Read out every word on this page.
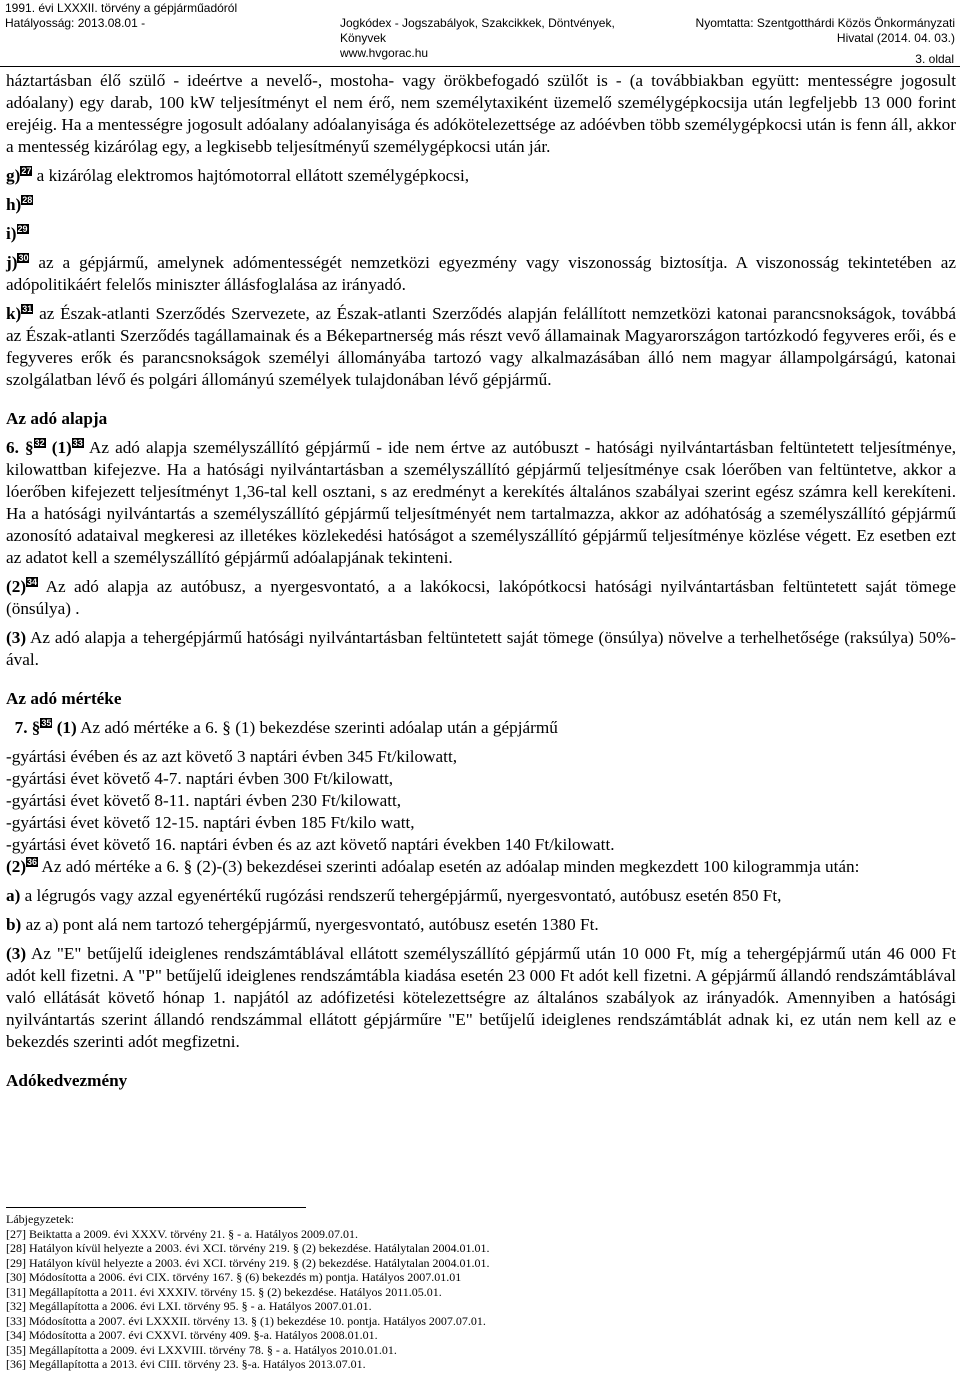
1991. évi LXXXII. törvény a gépjárműadóról
Hatályosság: 2013.08.01 -	Jogkódex - Jogszabályok, Szakcikkek, Döntvények,
Könyvek
www.hvgorac.hu
Nyomtatta: Szentgotthárdi Közös Önkormányzati
Hivatal (2014. 04. 03.)
3. oldal

háztartásban élő szülő - ideértve a nevelő-, mostoha- vagy örökbefogadó szülőt is - (a továbbiakban együtt: mentességre jogosult adóalany) egy darab, 100 kW teljesítményt el nem érő, nem személytaxiként üzemelő személygépkocsija után legfeljebb 13 000 forint erejéig. Ha a mentességre jogosult adóalany adóalanyisága és adókötelezettsége az adóévben több személygépkocsi után is fenn áll, akkor a mentesség kizárólag egy, a legkisebb teljesítményű személygépkocsi után jár.

g)27 a kizárólag elektromos hajtómotorral ellátott személygépkocsi,

h)28

i)29

j)30 az a gépjármű, amelynek adómentességét nemzetközi egyezmény vagy viszonosság biztosítja. A viszonosság tekintetében az adópolitikáért felelős miniszter állásfoglalása az irányadó.

k)31 az Észak-atlanti Szerződés Szervezete, az Észak-atlanti Szerződés alapján felállított nemzetközi katonai parancsnokságok, továbbá az Észak-atlanti Szerződés tagállamainak és a Békepartnerség más részt vevő államainak Magyarországon tartózkodó fegyveres erői, és e fegyveres erők és parancsnokságok személyi állományába tartozó vagy alkalmazásában álló nem magyar állampolgárságú, katonai szolgálatban lévő és polgári állományú személyek tulajdonában lévő gépjármű.

Az adó alapja

6. §32 (1)33 Az adó alapja személyszállító gépjármű - ide nem értve az autóbuszt - hatósági nyilvántartásban feltüntetett teljesítménye, kilowattban kifejezve. Ha a hatósági nyilvántartásban a személyszállító gépjármű teljesítménye csak lóerőben van feltüntetve, akkor a lóerőben kifejezett teljesítményt 1,36-tal kell osztani, s az eredményt a kerekítés általános szabályai szerint egész számra kell kerekíteni. Ha a hatósági nyilvántartás a személyszállító gépjármű teljesítményét nem tartalmazza, akkor az adóhatóság a személyszállító gépjármű azonosító adataival megkeresi az illetékes közlekedési hatóságot a személyszállító gépjármű teljesítménye közlése végett. Ez esetben ezt az adatot kell a személyszállító gépjármű adóalapjának tekinteni.

(2)34 Az adó alapja az autóbusz, a nyergesvontató, a a lakókocsi, lakópótkocsi hatósági nyilvántartásban feltüntetett saját tömege (önsúlya) .

(3) Az adó alapja a tehergépjármű hatósági nyilvántartásban feltüntetett saját tömege (önsúlya) növelve a terhelhetősége (raksúlya) 50%-ával.

Az adó mértéke

7. §35 (1) Az adó mértéke a 6. § (1) bekezdése szerinti adóalap után a gépjármű

-gyártási évében és az azt követő 3 naptári évben 345 Ft/kilowatt,

-gyártási évet követő 4-7. naptári évben 300 Ft/kilowatt,

-gyártási évet követő 8-11. naptári évben 230 Ft/kilowatt,

-gyártási évet követő 12-15. naptári évben 185 Ft/kilo watt,

-gyártási évet követő 16. naptári évben és az azt követő naptári években 140 Ft/kilowatt.

(2)36 Az adó mértéke a 6. § (2)-(3) bekezdései szerinti adóalap esetén az adóalap minden megkezdett 100 kilogrammja után:

a) a légrugós vagy azzal egyenértékű rugózási rendszerű tehergépjármű, nyergesvontató, autóbusz esetén 850 Ft,

b) az a) pont alá nem tartozó tehergépjármű, nyergesvontató, autóbusz esetén 1380 Ft.

(3) Az "E" betűjelű ideiglenes rendszámtáblával ellátott személyszállító gépjármű után 10 000 Ft, míg a tehergépjármű után 46 000 Ft adót kell fizetni. A "P" betűjelű ideiglenes rendszámtábla kiadása esetén 23 000 Ft adót kell fizetni. A gépjármű állandó rendszámtáblával való ellátását követő hónap 1. napjától az adófizetési kötelezettségre az általános szabályok az irányadók. Amennyiben a hatósági nyilvántartás szerint állandó rendszámmal ellátott gépjárműre "E" betűjelű ideiglenes rendszámtáblát adnak ki, ez után nem kell az e bekezdés szerinti adót megfizetni.

Adókedvezmény

Lábjegyzetek:
[27] Beiktatta a 2009. évi XXXV. törvény 21. § - a. Hatályos 2009.07.01.
[28] Hatályon kívül helyezte a 2003. évi XCI. törvény 219. § (2) bekezdése. Hatálytalan 2004.01.01.
[29] Hatályon kívül helyezte a 2003. évi XCI. törvény 219. § (2) bekezdése. Hatálytalan 2004.01.01.
[30] Módosította a 2006. évi CIX. törvény 167. § (6) bekezdés m) pontja. Hatályos 2007.01.01
[31] Megállapította a 2011. évi XXXIV. törvény 15. § (2) bekezdése. Hatályos 2011.05.01.
[32] Megállapította a 2006. évi LXI. törvény 95. § - a. Hatályos 2007.01.01.
[33] Módosította a 2007. évi LXXXII. törvény 13. § (1) bekezdése 10. pontja. Hatályos 2007.07.01.
[34] Módosította a 2007. évi CXXVI. törvény 409. §-a. Hatályos 2008.01.01.
[35] Megállapította a 2009. évi LXXVIII. törvény 78. § - a. Hatályos 2010.01.01.
[36] Megállapította a 2013. évi CIII. törvény 23. §-a. Hatályos 2013.07.01.
